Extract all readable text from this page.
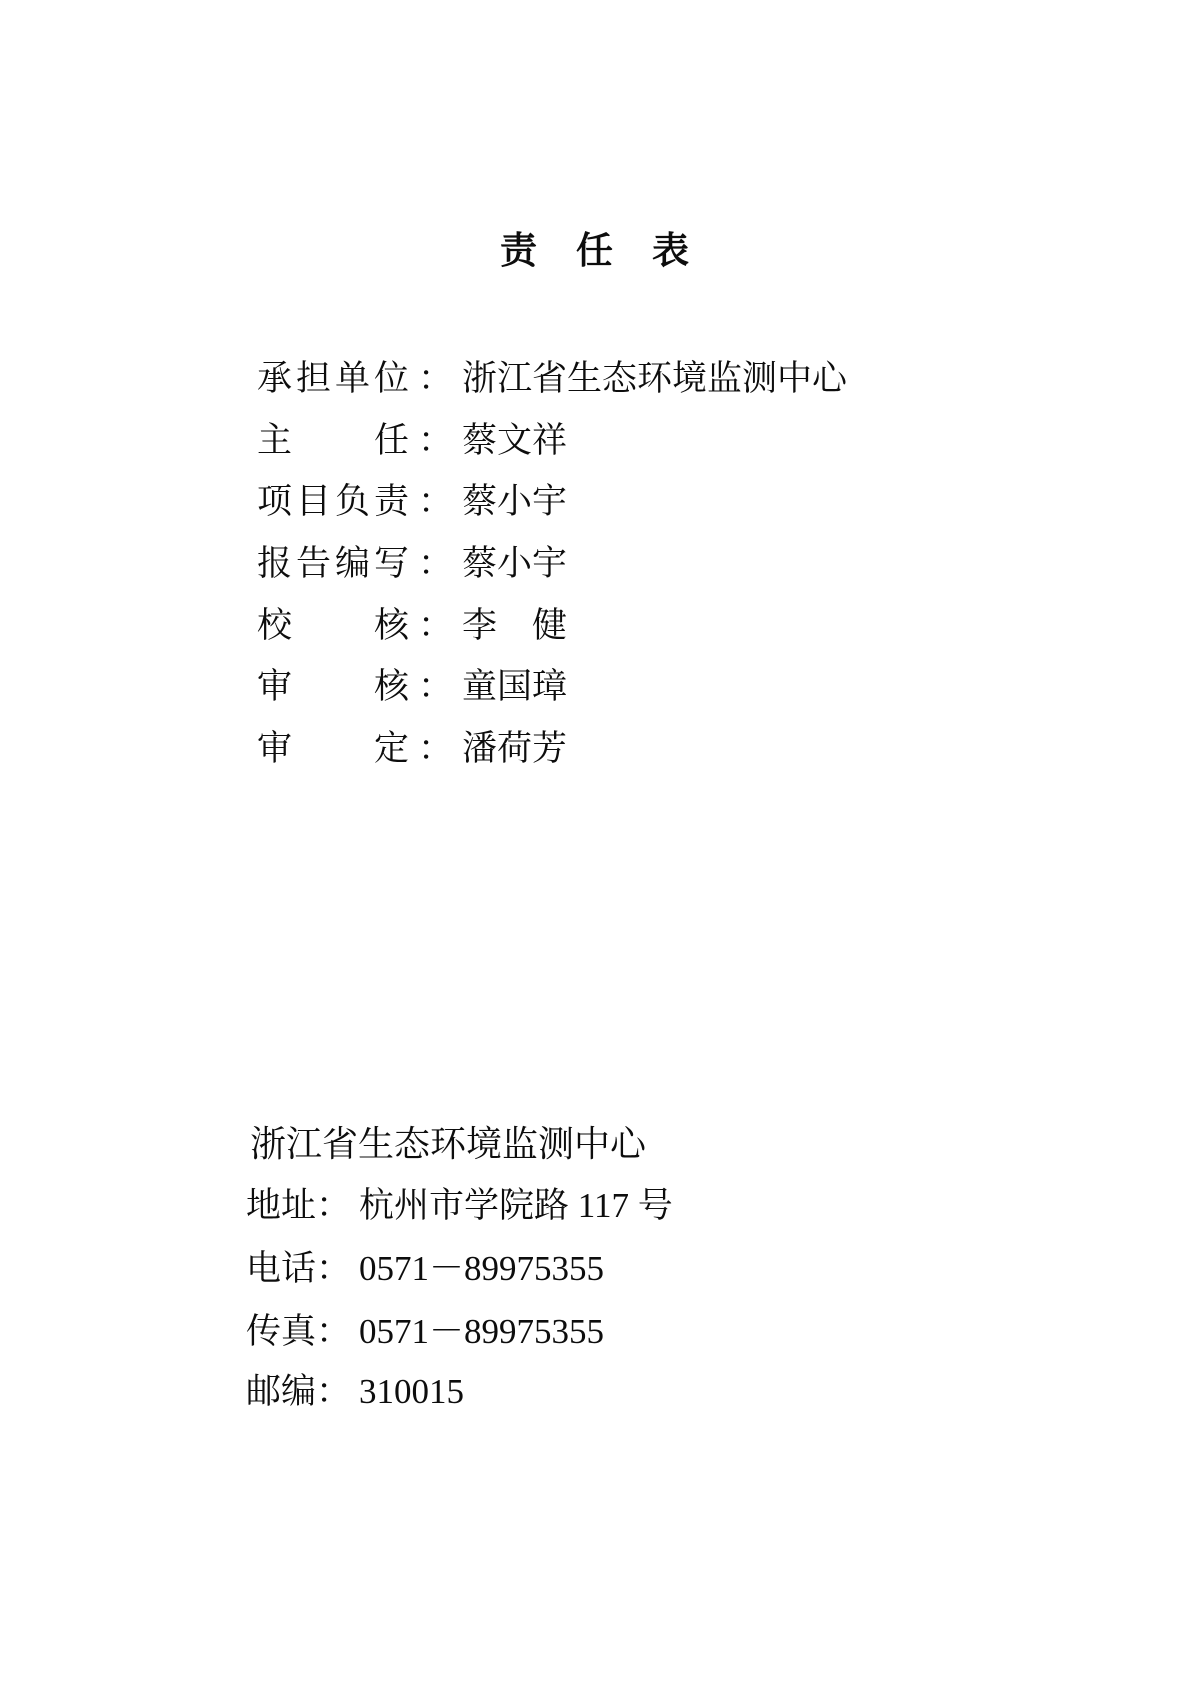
责　任　表
承担单位 ： 浙江省生态环境监测中心
主任 ： 蔡文祥
项目负责 ： 蔡小宇
报告编写 ： 蔡小宇
校核 ： 李　健
审核 ： 童国璋
审定 ： 潘荷芳
浙江省生态环境监测中心
地址： 杭州市学院路 117 号
电话： 0571－89975355
传真： 0571－89975355
邮编： 310015
